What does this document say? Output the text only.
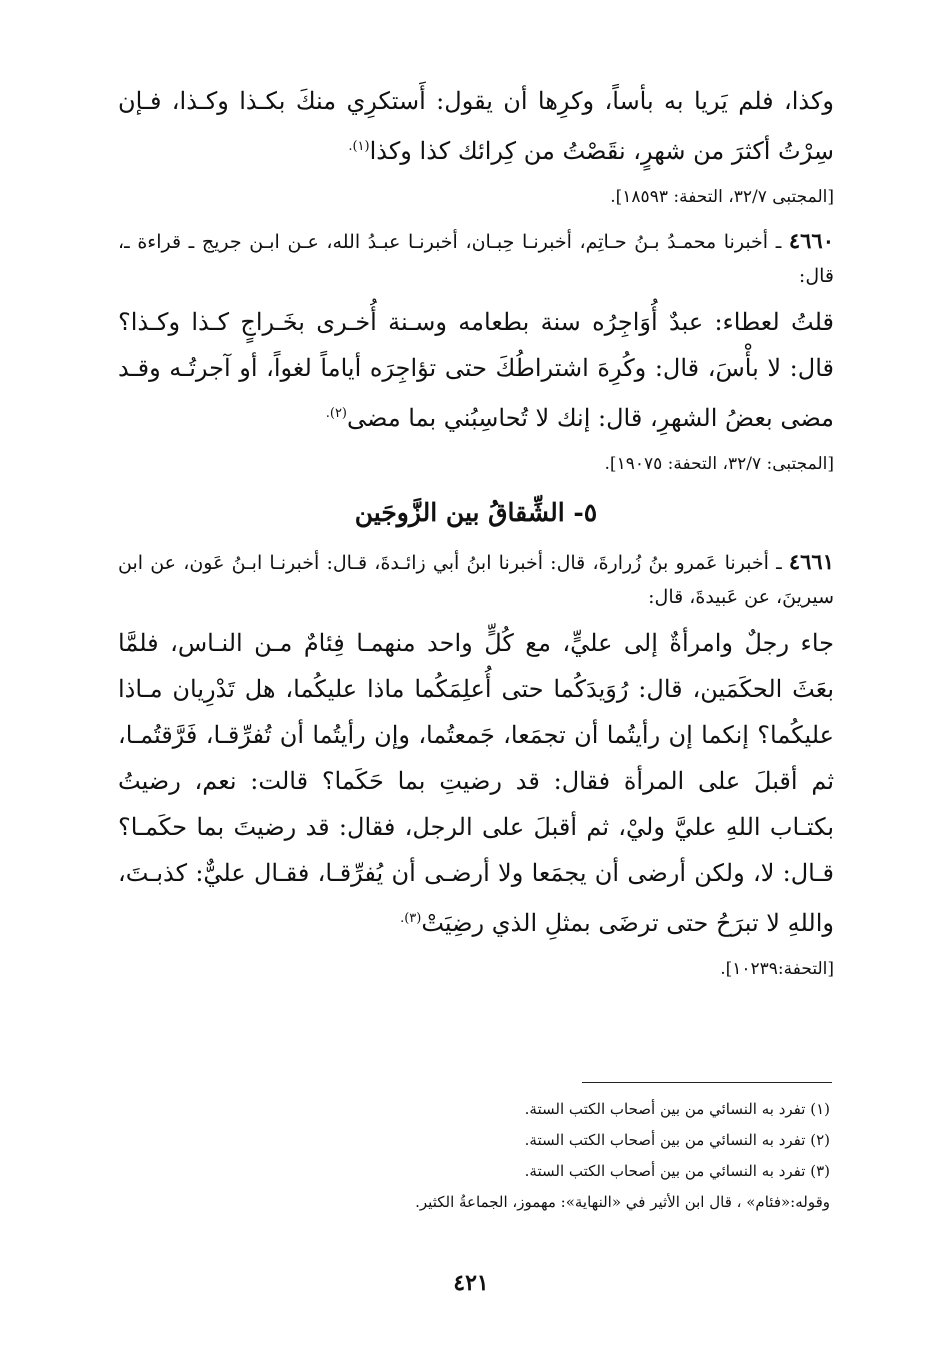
وكذا، فلم يَريا به بأساً، وكرِها أن يقول: أَستكرِي منكَ بكـذا وكـذا، فـإن سِرْتُ أكثرَ من شهرٍ، نقَصْتُ من كِرائك كذا وكذا$^{(١).}$

[المجتبى ٣٢/٧، التحفة: ١٨٥٩٣].

٤٦٦٠ ـ أخبرنا محمـدُ بـنُ حـاتِم، أخبرنـا حِبـان، أخبرنـا عبـدُ الله، عـن ابـن جريج ـ قراءة ـ، قال:

قلتُ لعطاء: عبدٌ أُوَاجِرُه سنة بطعامه وسـنة أُخـرى بخَـراجٍ كـذا وكـذا؟ قال: لا بأْسَ، قال: وكُرِهَ اشتراطُكَ حتى تؤاجِرَه أياماً لغواً، أو آجرتُـه وقـد مضى بعضُ الشهرِ، قال: إنك لا تُحاسِبُني بما مضى$^{(٢).}$

[المجتبى: ٣٢/٧، التحفة: ١٩٠٧٥].

٥- الشِّقاقُ بين الزَّوجَين

٤٦٦١ ـ أخبرنا عَمرو بنُ زُرارةَ، قال: أخبرنا ابنُ أبي زائـدةَ، قـال: أخبرنـا ابـنُ عَون، عن ابن سيرينَ، عن عَبيدةَ، قال:

جاء رجلٌ وامرأةٌ إلى عليٍّ، مع كُلٍّ واحد منهمـا فِئامٌ مـن النـاس، فلمَّا بعَثَ الحكَمَين، قال: رُوَيدَكُما حتى أُعلِمَكُما ماذا عليكُما، هل تَدْرِيان مـاذا عليكُما؟ إنكما إن رأيتُما أن تجمَعا، جَمعتُما، وإن رأيتُما أن تُفرِّقـا، فَرَّقتُمـا، ثم أقبلَ على المرأة فقال: قد رضيتِ بما حَكَما؟ قالت: نعم، رضيتُ بكتـاب اللهِ عليَّ وليْ، ثم أقبلَ على الرجل، فقال: قد رضيتَ بما حكَمـا؟ قـال: لا، ولكن أرضى أن يجمَعا ولا أرضـى أن يُفرِّقـا، فقـال عليٌّ: كذبـتَ، واللهِ لا تبرَحُ حتى ترضَى بمثلِ الذي رضِيَتْ$^{(٣).}$

[التحفة:١٠٢٣٩].

(١) تفرد به النسائي من بين أصحاب الكتب الستة.
(٢) تفرد به النسائي من بين أصحاب الكتب الستة.
(٣) تفرد به النسائي من بين أصحاب الكتب الستة.
وقوله:«فئام» ، قال ابن الأثير في «النهاية»: مهموز، الجماعةُ الكثير.
٤٢١
